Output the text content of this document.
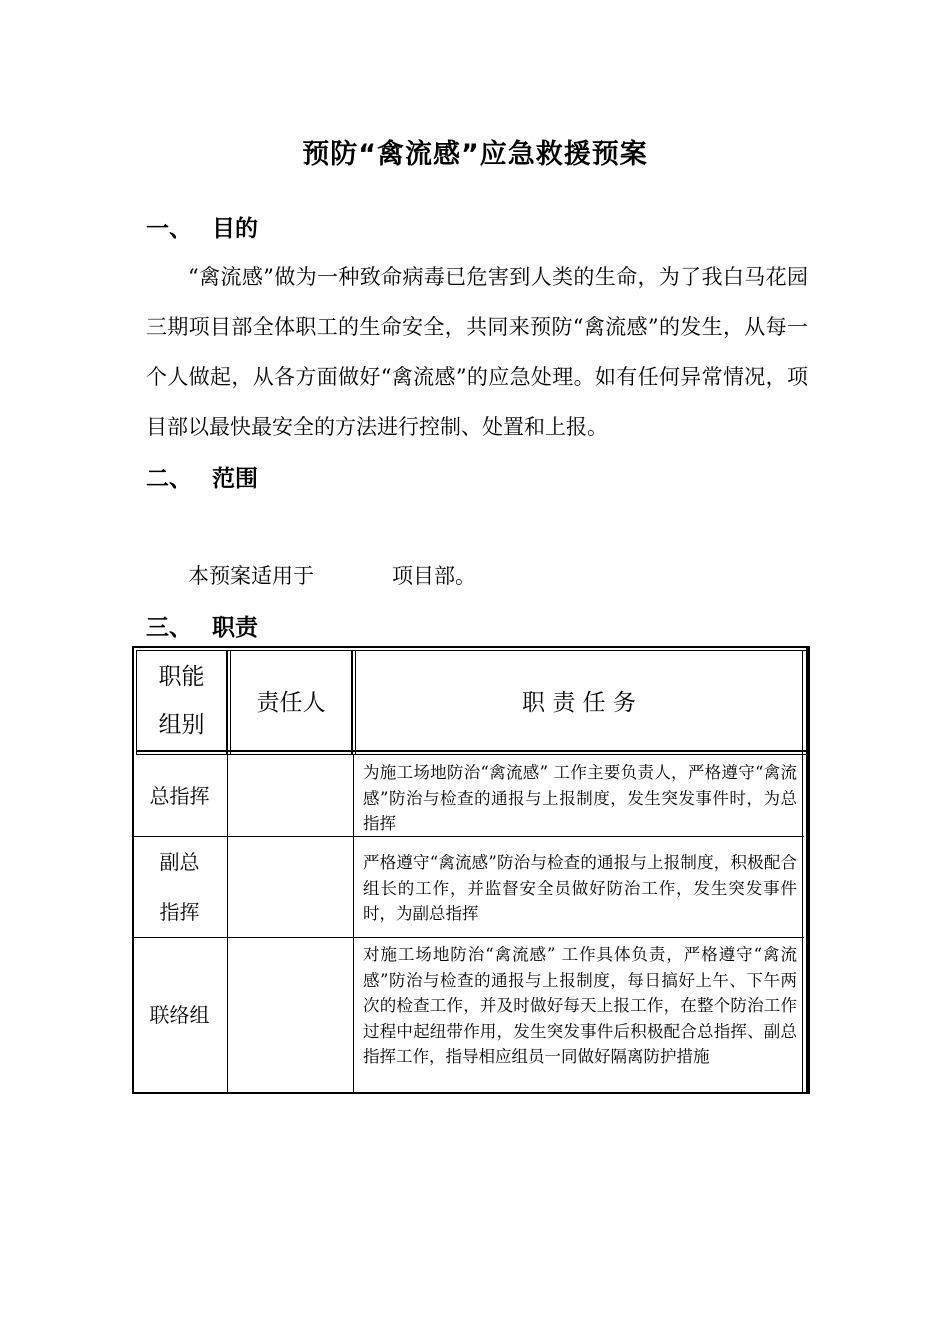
预防“禽流感”应急救援预案
一、 目的
“禽流感”做为一种致命病毒已危害到人类的生命，为了我白马花园三期项目部全体职工的生命安全，共同来预防“禽流感”的发生，从每一个人做起，从各方面做好“禽流感”的应急处理。如有任何异常情况，项目部以最快最安全的方法进行控制、处置和上报。
二、 范围
本预案适用于	项目部。
三、 职责
职能
组别
责任人	职 责 任 务
总指挥
为施工场地防治“禽流感” 工作主要负责人，严格遵守“禽流感”防治与检查的通报与上报制度，发生突发事件时，为总指挥
副总
指挥
严格遵守“禽流感”防治与检查的通报与上报制度，积极配合组长的工作，并监督安全员做好防治工作，发生突发事件时，为副总指挥
联络组
对施工场地防治“禽流感” 工作具体负责，严格遵守“禽流感”防治与检查的通报与上报制度，每日搞好上午、下午两次的检查工作，并及时做好每天上报工作，在整个防治工作过程中起纽带作用，发生突发事件后积极配合总指挥、副总指挥工作，指导相应组员一同做好隔离防护措施
